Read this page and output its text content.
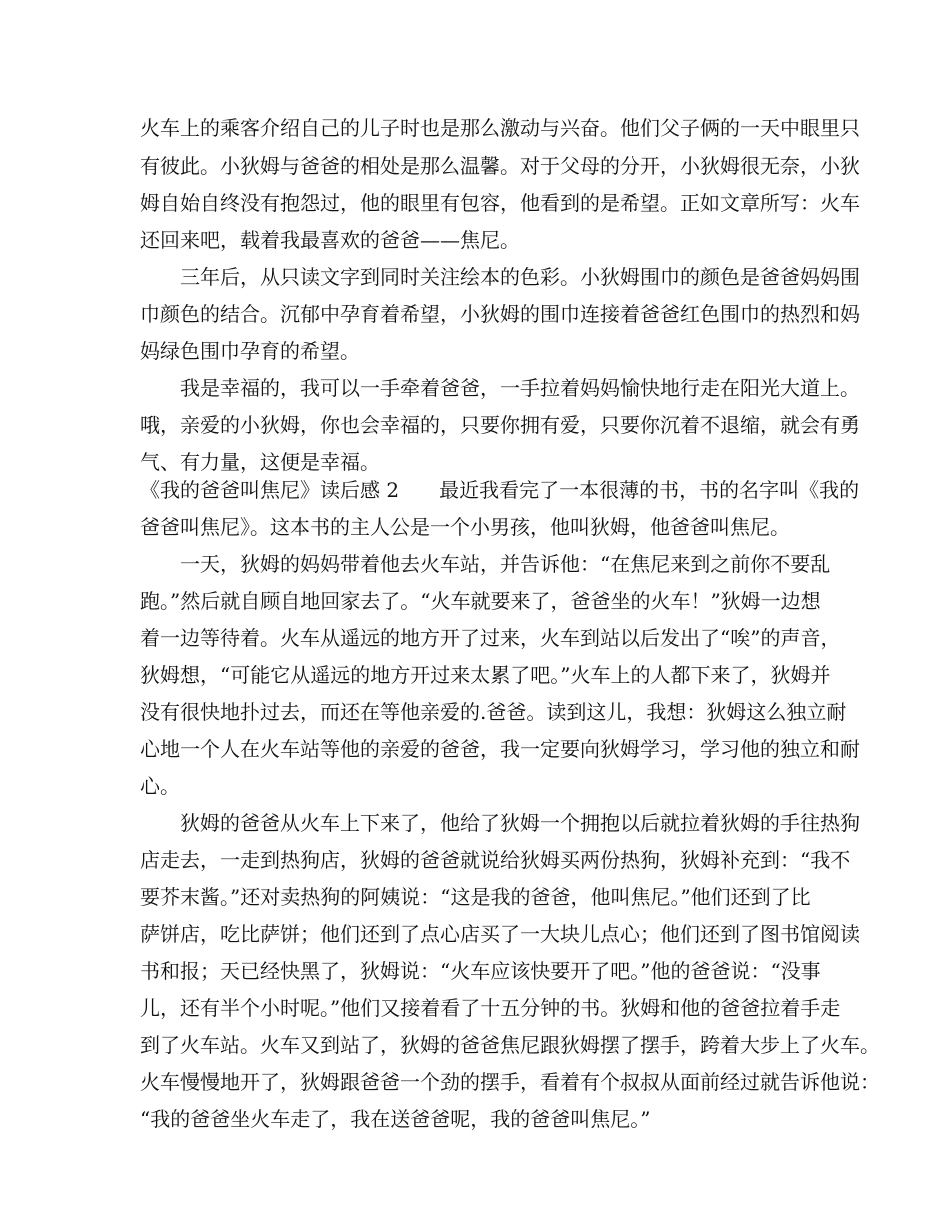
火车上的乘客介绍自己的儿子时也是那么激动与兴奋。他们父子俩的一天中眼里只
有彼此。小狄姆与爸爸的相处是那么温馨。对于父母的分开，小狄姆很无奈，小狄
姆自始自终没有抱怨过，他的眼里有包容，他看到的是希望。正如文章所写：火车
还回来吧，载着我最喜欢的爸爸——焦尼。
三年后，从只读文字到同时关注绘本的色彩。小狄姆围巾的颜色是爸爸妈妈围
巾颜色的结合。沉郁中孕育着希望，小狄姆的围巾连接着爸爸红色围巾的热烈和妈
妈绿色围巾孕育的希望。
我是幸福的，我可以一手牵着爸爸，一手拉着妈妈愉快地行走在阳光大道上。
哦，亲爱的小狄姆，你也会幸福的，只要你拥有爱，只要你沉着不退缩，就会有勇
气、有力量，这便是幸福。
《我的爸爸叫焦尼》读后感 2　　最近我看完了一本很薄的书，书的名字叫《我的
爸爸叫焦尼》。这本书的主人公是一个小男孩，他叫狄姆，他爸爸叫焦尼。
一天，狄姆的妈妈带着他去火车站，并告诉他：“在焦尼来到之前你不要乱
跑。”然后就自顾自地回家去了。“火车就要来了，爸爸坐的火车！”狄姆一边想
着一边等待着。火车从遥远的地方开了过来，火车到站以后发出了“唉”的声音，
狄姆想，“可能它从遥远的地方开过来太累了吧。”火车上的人都下来了，狄姆并
没有很快地扑过去，而还在等他亲爱的.爸爸。读到这儿，我想：狄姆这么独立耐
心地一个人在火车站等他的亲爱的爸爸，我一定要向狄姆学习，学习他的独立和耐
心。
狄姆的爸爸从火车上下来了，他给了狄姆一个拥抱以后就拉着狄姆的手往热狗
店走去，一走到热狗店，狄姆的爸爸就说给狄姆买两份热狗，狄姆补充到：“我不
要芥末酱。”还对卖热狗的阿姨说：“这是我的爸爸，他叫焦尼。”他们还到了比
萨饼店，吃比萨饼；他们还到了点心店买了一大块儿点心；他们还到了图书馆阅读
书和报；天已经快黑了，狄姆说：“火车应该快要开了吧。”他的爸爸说：“没事
儿，还有半个小时呢。”他们又接着看了十五分钟的书。狄姆和他的爸爸拉着手走
到了火车站。火车又到站了，狄姆的爸爸焦尼跟狄姆摆了摆手，跨着大步上了火车。
火车慢慢地开了，狄姆跟爸爸一个劲的摆手，看着有个叔叔从面前经过就告诉他说：
“我的爸爸坐火车走了，我在送爸爸呢，我的爸爸叫焦尼。”
